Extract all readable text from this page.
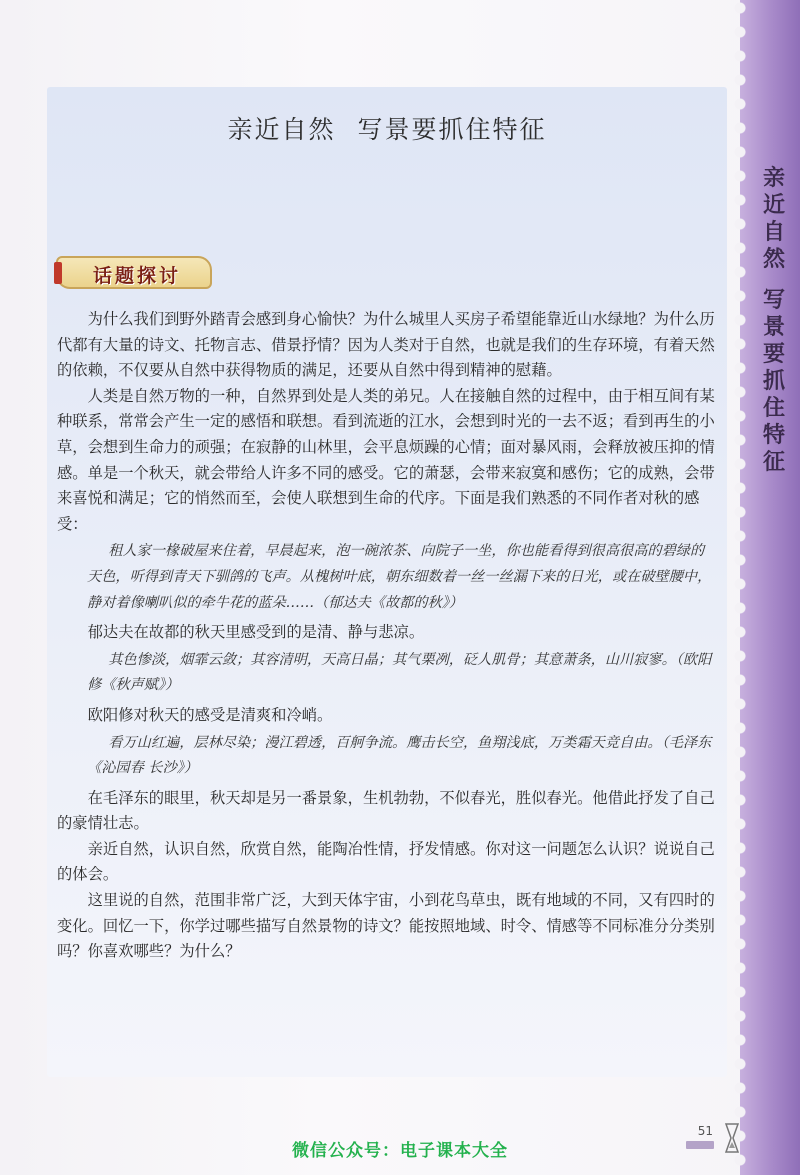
亲
近
自
然
写
景
要
抓
住
特
征
亲近自然 写景要抓住特征
话题探讨

为什么我们到野外踏青会感到身心愉快？为什么城里人买房子希望能靠近山水绿地？为什么历代都有大量的诗文、托物言志、借景抒情？因为人类对于自然，也就是我们的生存环境，有着天然的依赖，不仅要从自然中获得物质的满足，还要从自然中得到精神的慰藉。

人类是自然万物的一种，自然界到处是人类的弟兄。人在接触自然的过程中，由于相互间有某种联系，常常会产生一定的感悟和联想。看到流逝的江水，会想到时光的一去不返；看到再生的小草，会想到生命力的顽强；在寂静的山林里，会平息烦躁的心情；面对暴风雨，会释放被压抑的情感。单是一个秋天，就会带给人许多不同的感受。它的萧瑟，会带来寂寞和感伤；它的成熟，会带来喜悦和满足；它的悄然而至，会使人联想到生命的代序。下面是我们熟悉的不同作者对秋的感受：

租人家一椽破屋来住着，早晨起来，泡一碗浓茶、向院子一坐，你也能看得到很高很高的碧绿的天色，听得到青天下驯鸽的飞声。从槐树叶底，朝东细数着一丝一丝漏下来的日光，或在破壁腰中，静对着像喇叭似的牵牛花的蓝朵……（郁达夫《故都的秋》）

郁达夫在故都的秋天里感受到的是清、静与悲凉。

其色惨淡，烟霏云敛；其容清明，天高日晶；其气栗冽，砭人肌骨；其意萧条，山川寂寥。（欧阳修《秋声赋》）

欧阳修对秋天的感受是清爽和冷峭。

看万山红遍，层林尽染；漫江碧透，百舸争流。鹰击长空，鱼翔浅底，万类霜天竞自由。（毛泽东《沁园春 长沙》）

在毛泽东的眼里，秋天却是另一番景象，生机勃勃，不似春光，胜似春光。他借此抒发了自己的豪情壮志。

亲近自然，认识自然，欣赏自然，能陶冶性情，抒发情感。你对这一问题怎么认识？说说自己的体会。

这里说的自然，范围非常广泛，大到天体宇宙，小到花鸟草虫，既有地域的不同，又有四时的变化。回忆一下，你学过哪些描写自然景物的诗文？能按照地域、时令、情感等不同标准分分类别吗？你喜欢哪些？为什么？

51
微信公众号：电子课本大全
